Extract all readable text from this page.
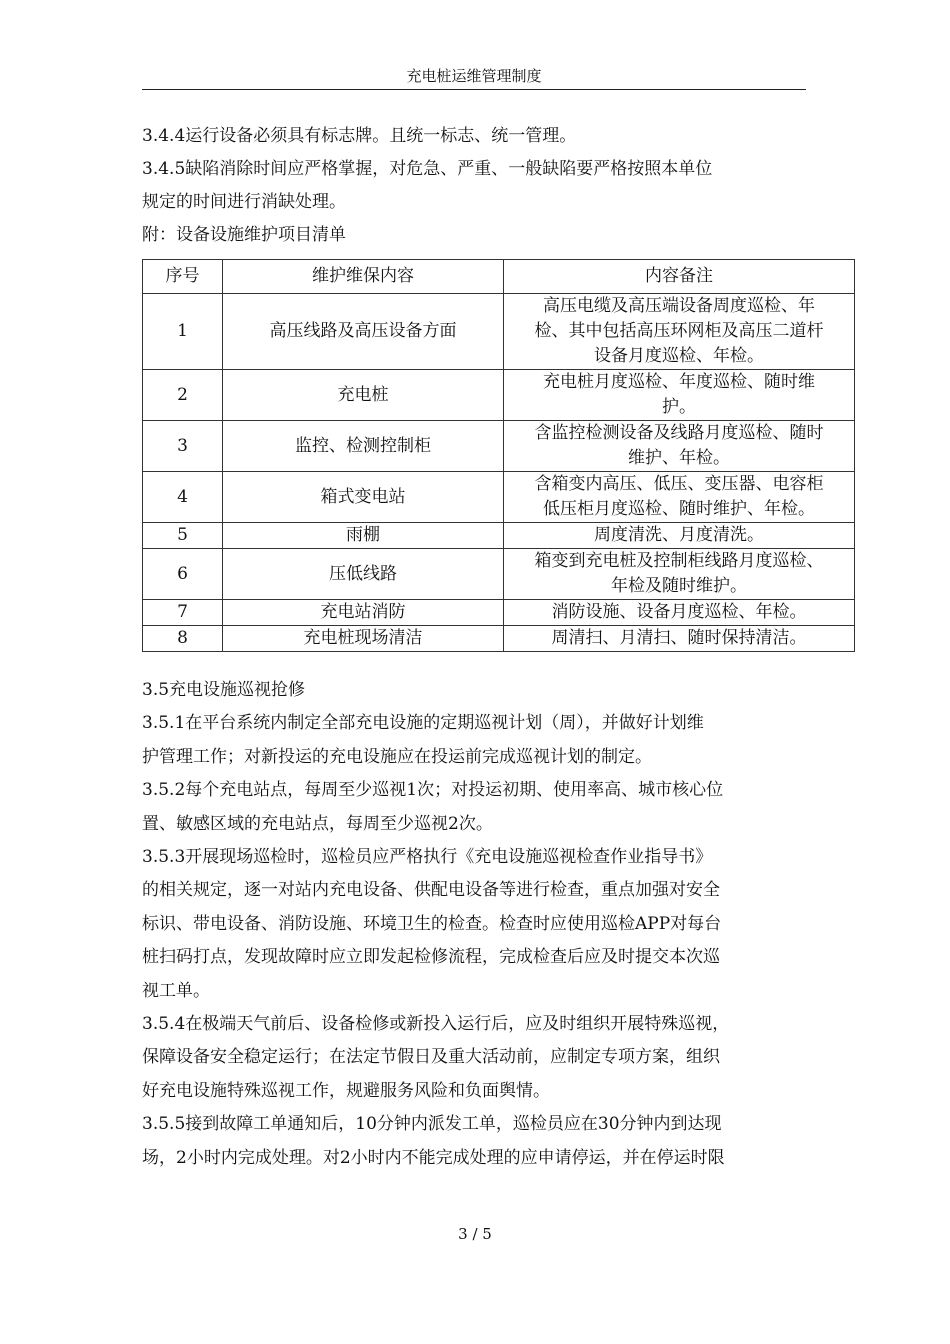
充电桩运维管理制度
3.4.4运行设备必须具有标志牌。且统一标志、统一管理。
3.4.5缺陷消除时间应严格掌握，对危急、严重、一般缺陷要严格按照本单位
规定的时间进行消缺处理。
附：设备设施维护项目清单
序号	维护维保内容	内容备注
1	高压线路及高压设备方面	高压电缆及高压端设备周度巡检、年
检、其中包括高压环网柜及高压二道杆
设备月度巡检、年检。

2	充电桩	充电桩月度巡检、年度巡检、随时维
护。

3	监控、检测控制柜	含监控检测设备及线路月度巡检、随时
维护、年检。

4	箱式变电站	含箱变内高压、低压、变压器、电容柜
低压柜月度巡检、随时维护、年检。

5	雨棚	周度清洗、月度清洗。

6	压低线路	箱变到充电桩及控制柜线路月度巡检、
年检及随时维护。

7	充电站消防	消防设施、设备月度巡检、年检。

8	充电桩现场清洁	周清扫、月清扫、随时保持清洁。

3.5充电设施巡视抢修

3.5.1在平台系统内制定全部充电设施的定期巡视计划（周），并做好计划维

护管理工作；对新投运的充电设施应在投运前完成巡视计划的制定。

3.5.2每个充电站点，每周至少巡视1次；对投运初期、使用率高、城市核心位

置、敏感区域的充电站点，每周至少巡视2次。

3.5.3开展现场巡检时，巡检员应严格执行《充电设施巡视检查作业指导书》

的相关规定，逐一对站内充电设备、供配电设备等进行检查，重点加强对安全

标识、带电设备、消防设施、环境卫生的检查。检查时应使用巡检APP对每台

桩扫码打点，发现故障时应立即发起检修流程，完成检查后应及时提交本次巡

视工单。

3.5.4在极端天气前后、设备检修或新投入运行后，应及时组织开展特殊巡视，

保障设备安全稳定运行；在法定节假日及重大活动前，应制定专项方案，组织

好充电设施特殊巡视工作，规避服务风险和负面舆情。

3.5.5接到故障工单通知后，10分钟内派发工单，巡检员应在30分钟内到达现

场，2小时内完成处理。对2小时内不能完成处理的应申请停运，并在停运时限

3 / 5
